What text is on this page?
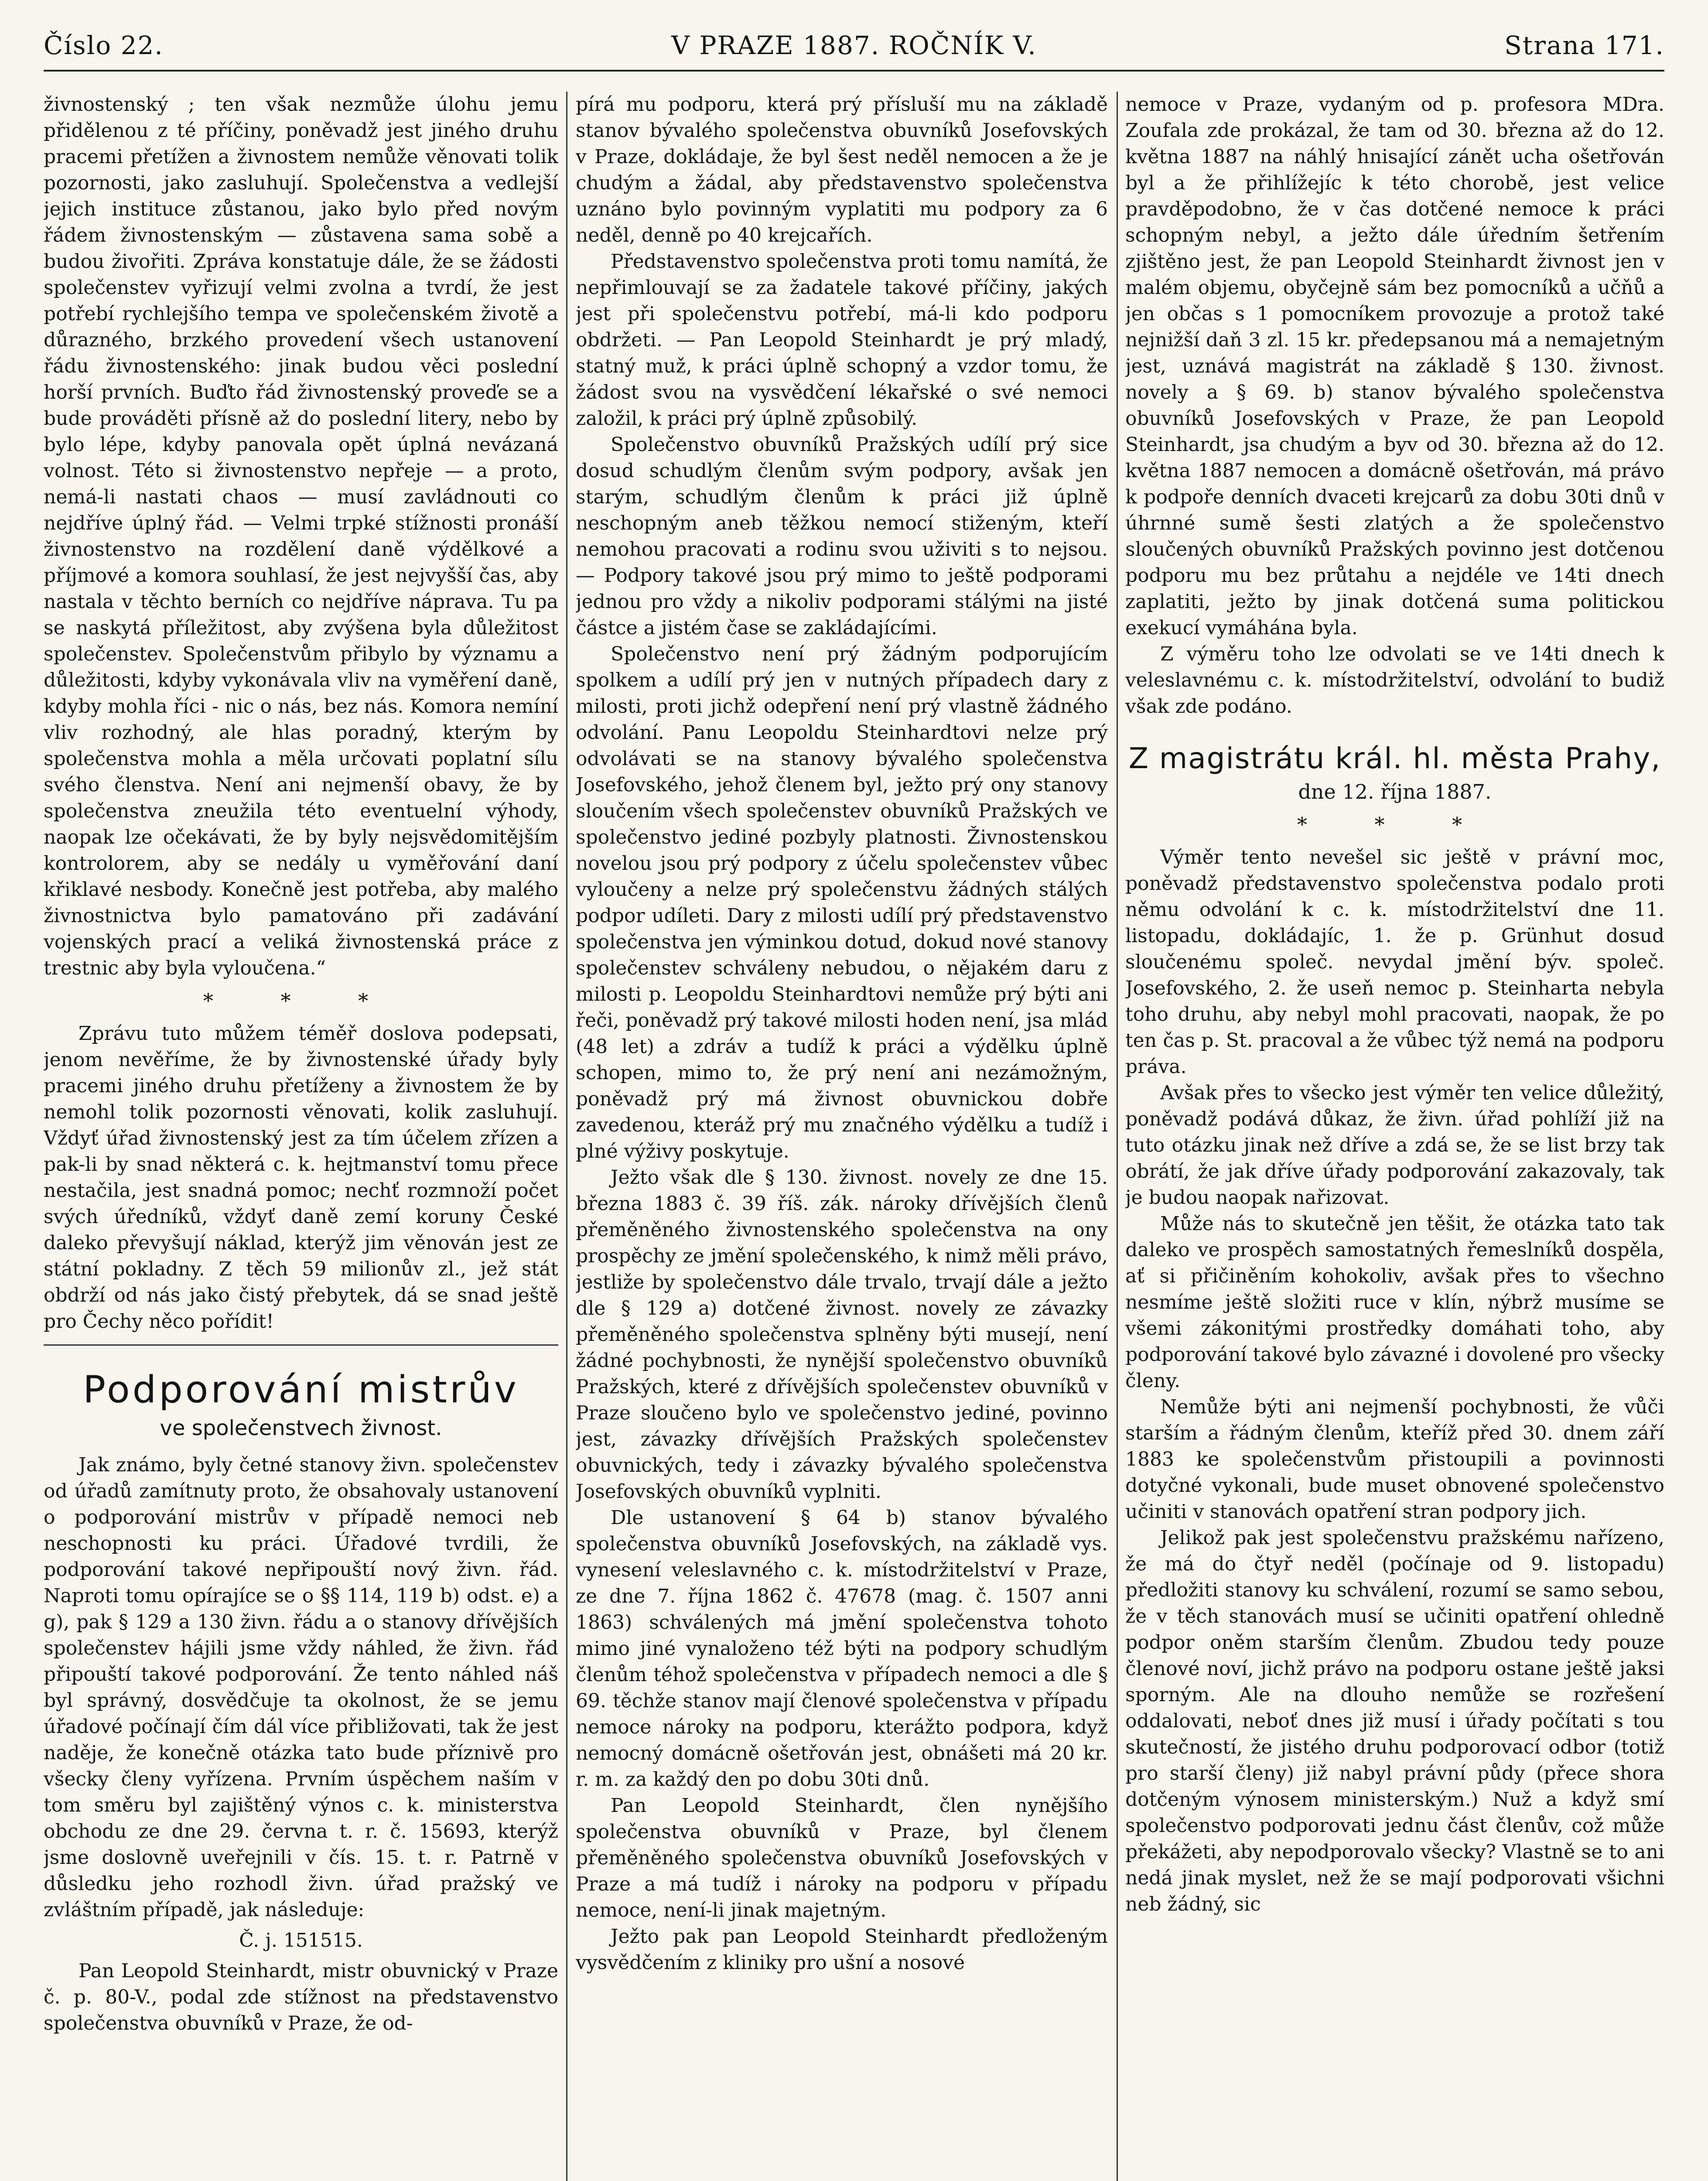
Číslo 22.	V PRAZE 1887. ROČNÍK V.	Strana 171.

živnostenský ; ten však nezmůže úlohu jemu přidělenou z té příčiny, poněvadž jest jiného druhu pracemi přetížen a živnostem nemůže věnovati tolik pozornosti, jako zasluhují. Společenstva a vedlejší jejich instituce zůstanou, jako bylo před novým řádem živnostenským — zůstavena sama sobě a budou živořiti. Zpráva konstatuje dále, že se žádosti společenstev vyřizují velmi zvolna a tvrdí, že jest potřebí rychlejšího tempa ve společenském životě a důrazného, brzkého provedení všech ustanovení řádu živnostenského: jinak budou věci poslední horší prvních. Buďto řád živnostenský proveďe se a bude prováděti přísně až do poslední litery, nebo by bylo lépe, kdyby panovala opět úplná nevázaná volnost. Této si živnostenstvo nepřeje — a proto, nemá-li nastati chaos — musí zavládnouti co nejdříve úplný řád. — Velmi trpké stížnosti pronáší živnostenstvo na rozdělení daně výdělkové a příjmové a komora souhlasí, že jest nejvyšší čas, aby nastala v těchto berních co nejdříve náprava. Tu pa se naskytá příležitost, aby zvýšena byla důležitost společenstev. Společenstvům přibylo by významu a důležitosti, kdyby vykonávala vliv na vyměření daně, kdyby mohla říci - nic o nás, bez nás. Komora nemíní vliv rozhodný, ale hlas poradný, kterým by společenstva mohla a měla určovati poplatní sílu svého členstva. Není ani nejmenší obavy, že by společenstva zneužila této eventuelní výhody, naopak lze očekávati, že by byly nejsvědomitějším kontrolorem, aby se nedály u vyměřování daní křiklavé nesbody. Konečně jest potřeba, aby malého živnostnictva bylo pamatováno při zadávání vojenských prací a veliká živnostenská práce z trestnic aby byla vyloučena.“

* * *

Zprávu tuto můžem téměř doslova podepsati, jenom nevěříme, že by živnostenské úřady byly pracemi jiného druhu přetíženy a živnostem že by nemohl tolik pozornosti věnovati, kolik zasluhují. Vždyť úřad živnostenský jest za tím účelem zřízen a pak-li by snad některá c. k. hejtmanství tomu přece nestačila, jest snadná pomoc; nechť rozmnoží počet svých úředníků, vždyť daně zemí koruny České daleko převyšují náklad, kterýž jim věnován jest ze státní pokladny. Z těch 59 milionův zl., jež stát obdrží od nás jako čistý přebytek, dá se snad ještě pro Čechy něco pořídit!

Podporování mistrův
ve společenstvech živnost.

Jak známo, byly četné stanovy živn. společenstev od úřadů zamítnuty proto, že obsahovaly ustanovení o podporování mistrův v případě nemoci neb neschopnosti ku práci. Úřadové tvrdili, že podporování takové nepřipouští nový živn. řád. Naproti tomu opírajíce se o §§ 114, 119 b) odst. e) a g), pak § 129 a 130 živn. řádu a o stanovy dřívějších společenstev hájili jsme vždy náhled, že živn. řád připouští takové podporování. Že tento náhled náš byl správný, dosvědčuje ta okolnost, že se jemu úřadové počínají čím dál více přibližovati, tak že jest naděje, že konečně otázka tato bude příznivě pro všecky členy vyřízena. Prvním úspěchem naším v tom směru byl zajištěný výnos c. k. ministerstva obchodu ze dne 29. června t. r. č. 15693, kterýž jsme doslovně uveřejnili v čís. 15. t. r. Patrně v důsledku jeho rozhodl živn. úřad pražský ve zvláštním případě, jak následuje:

Č. j. 151515.

Pan Leopold Steinhardt, mistr obuvnický v Praze č. p. 80-V., podal zde stížnost na představenstvo společenstva obuvníků v Praze, že od-

pírá mu podporu, která prý přísluší mu na základě stanov bývalého společenstva obuvníků Josefovských v Praze, dokládaje, že byl šest neděl nemocen a že je chudým a žádal, aby představenstvo společenstva uznáno bylo povinným vyplatiti mu podpory za 6 neděl, denně po 40 krejcařích.

Představenstvo společenstva proti tomu namítá, že nepřimlouvají se za žadatele takové příčiny, jakých jest při společenstvu potřebí, má-li kdo podporu obdržeti. — Pan Leopold Steinhardt je prý mladý, statný muž, k práci úplně schopný a vzdor tomu, že žádost svou na vysvědčení lékařské o své nemoci založil, k práci prý úplně způsobilý.

Společenstvo obuvníků Pražských udílí prý sice dosud schudlým členům svým podpory, avšak jen starým, schudlým členům k práci již úplně neschopným aneb těžkou nemocí stiženým, kteří nemohou pracovati a rodinu svou uživiti s to nejsou. — Podpory takové jsou prý mimo to ještě podporami jednou pro vždy a nikoliv podporami stálými na jisté částce a jistém čase se zakládajícími.

Společenstvo není prý žádným podporujícím spolkem a udílí prý jen v nutných případech dary z milosti, proti jichž odepření není prý vlastně žádného odvolání. Panu Leopoldu Steinhardtovi nelze prý odvolávati se na stanovy bývalého společenstva Josefovského, jehož členem byl, ježto prý ony stanovy sloučením všech společenstev obuvníků Pražských ve společenstvo jediné pozbyly platnosti. Živnostenskou novelou jsou prý podpory z účelu společenstev vůbec vyloučeny a nelze prý společenstvu žádných stálých podpor udíleti. Dary z milosti udílí prý představenstvo společenstva jen výminkou dotud, dokud nové stanovy společenstev schváleny nebudou, o nějakém daru z milosti p. Leopoldu Steinhardtovi nemůže prý býti ani řeči, poněvadž prý takové milosti hoden není, jsa mlád (48 let) a zdráv a tudíž k práci a výdělku úplně schopen, mimo to, že prý není ani nezámožným, poněvadž prý má živnost obuvnickou dobře zavedenou, kteráž prý mu značného výdělku a tudíž i plné výživy poskytuje.

Ježto však dle § 130. živnost. novely ze dne 15. března 1883 č. 39 říš. zák. nároky dřívějších členů přeměněného živnostenského společenstva na ony prospěchy ze jmění společenského, k nimž měli právo, jestliže by společenstvo dále trvalo, trvají dále a ježto dle § 129 a) dotčené živnost. novely ze závazky přeměněného společenstva splněny býti musejí, není žádné pochybnosti, že nynější společenstvo obuvníků Pražských, které z dřívějších společenstev obuvníků v Praze sloučeno bylo ve společenstvo jediné, povinno jest, závazky dřívějších Pražských společenstev obuvnických, tedy i závazky bývalého společenstva Josefovských obuvníků vyplniti.

Dle ustanovení § 64 b) stanov bývalého společenstva obuvníků Josefovských, na základě vys. vynesení veleslavného c. k. místodržitelství v Praze, ze dne 7. října 1862 č. 47678 (mag. č. 1507 anni 1863) schválených má jmění společenstva tohoto mimo jiné vynaloženo též býti na podpory schudlým členům téhož společenstva v případech nemoci a dle § 69. těchže stanov mají členové společenstva v případu nemoce nároky na podporu, kterážto podpora, když nemocný domácně ošetřován jest, obnášeti má 20 kr. r. m. za každý den po dobu 30ti dnů.

Pan Leopold Steinhardt, člen nynějšího společenstva obuvníků v Praze, byl členem přeměněného společenstva obuvníků Josefovských v Praze a má tudíž i nároky na podporu v případu nemoce, není-li jinak majetným.

Ježto pak pan Leopold Steinhardt předloženým vysvědčením z kliniky pro ušní a nosové

nemoce v Praze, vydaným od p. profesora MDra. Zoufala zde prokázal, že tam od 30. března až do 12. května 1887 na náhlý hnisající zánět ucha ošetřován byl a že přihlížejíc k této chorobě, jest velice pravděpodobno, že v čas dotčené nemoce k práci schopným nebyl, a ježto dále úředním šetřením zjištěno jest, že pan Leopold Steinhardt živnost jen v malém objemu, obyčejně sám bez pomocníků a učňů a jen občas s 1 pomocníkem provozuje a protož také nejnižší daň 3 zl. 15 kr. předepsanou má a nemajetným jest, uznává magistrát na základě § 130. živnost. novely a § 69. b) stanov bývalého společenstva obuvníků Josefovských v Praze, že pan Leopold Steinhardt, jsa chudým a byv od 30. března až do 12. května 1887 nemocen a domácně ošetřován, má právo k podpoře denních dvaceti krejcarů za dobu 30ti dnů v úhrnné sumě šesti zlatých a že společenstvo sloučených obuvníků Pražských povinno jest dotčenou podporu mu bez průtahu a nejdéle ve 14ti dnech zaplatiti, ježto by jinak dotčená suma politickou exekucí vymáhána byla.

Z výměru toho lze odvolati se ve 14ti dnech k veleslavnému c. k. místodržitelství, odvolání to budiž však zde podáno.

Z magistrátu král. hl. města Prahy,
dne 12. října 1887.
* * *

Výměr tento nevešel sic ještě v právní moc, poněvadž představenstvo společenstva podalo proti němu odvolání k c. k. místodržitelství dne 11. listopadu, dokládajíc, 1. že p. Grünhut dosud sloučenému společ. nevydal jmění býv. společ. Josefovského, 2. že useň nemoc p. Steinharta nebyla toho druhu, aby nebyl mohl pracovati, naopak, že po ten čas p. St. pracoval a že vůbec týž nemá na podporu práva.

Avšak přes to všecko jest výměr ten velice důležitý, poněvadž podává důkaz, že živn. úřad pohlíží již na tuto otázku jinak než dříve a zdá se, že se list brzy tak obrátí, že jak dříve úřady podporování zakazovaly, tak je budou naopak nařizovat.

Může nás to skutečně jen těšit, že otázka tato tak daleko ve prospěch samostatných řemeslníků dospěla, ať si přičiněním kohokoliv, avšak přes to všechno nesmíme ještě složiti ruce v klín, nýbrž musíme se všemi zákonitými prostředky domáhati toho, aby podporování takové bylo závazné i dovolené pro všecky členy.

Nemůže býti ani nejmenší pochybnosti, že vůči starším a řádným členům, kteříž před 30. dnem září 1883 ke společenstvům přistoupili a povinnosti dotyčné vykonali, bude muset obnovené společenstvo učiniti v stanovách opatření stran podpory jich.

Jelikož pak jest společenstvu pražskému nařízeno, že má do čtyř neděl (počínaje od 9. listopadu) předložiti stanovy ku schválení, rozumí se samo sebou, že v těch stanovách musí se učiniti opatření ohledně podpor oněm starším členům. Zbudou tedy pouze členové noví, jichž právo na podporu ostane ještě jaksi sporným. Ale na dlouho nemůže se rozřešení oddalovati, neboť dnes již musí i úřady počítati s tou skutečností, že jistého druhu podporovací odbor (totiž pro starší členy) již nabyl právní půdy (přece shora dotčeným výnosem ministerským.) Nuž a když smí společenstvo podporovati jednu část členův, což může překážeti, aby nepodporovalo všecky? Vlastně se to ani nedá jinak myslet, než že se mají podporovati všichni neb žádný, sic
